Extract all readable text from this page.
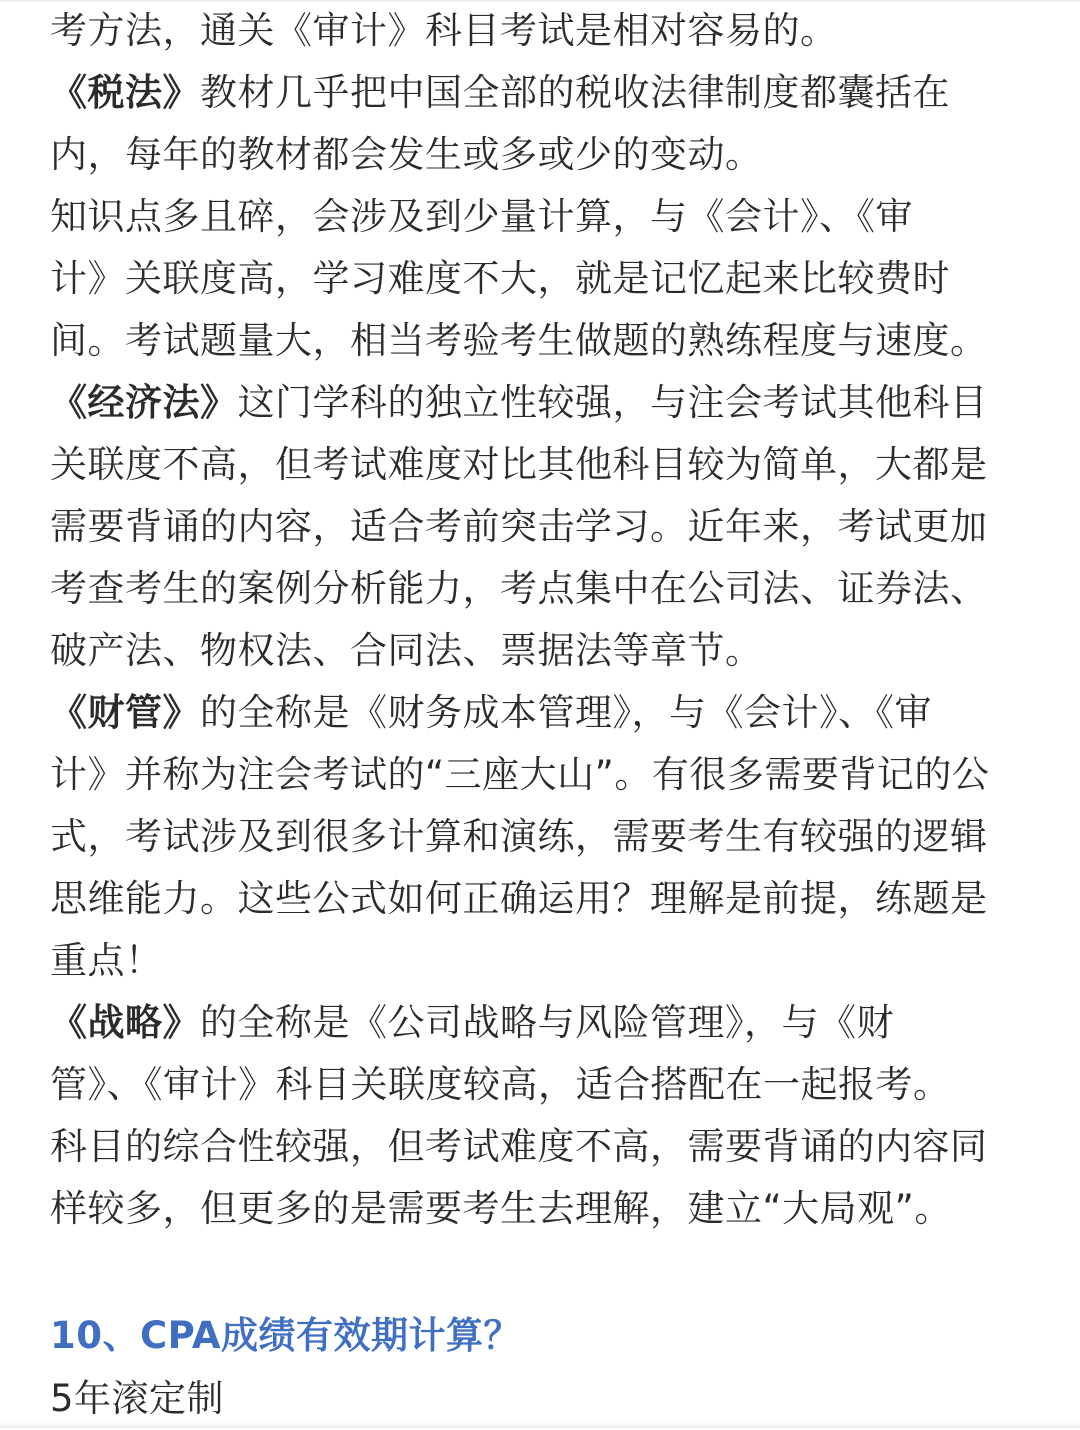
考方法，通关《审计》科目考试是相对容易的。
《税法》教材几乎把中国全部的税收法律制度都囊括在
内，每年的教材都会发生或多或少的变动。
知识点多且碎，会涉及到少量计算，与《会计》、《审
计》关联度高，学习难度不大，就是记忆起来比较费时
间。考试题量大，相当考验考生做题的熟练程度与速度。
《经济法》这门学科的独立性较强，与注会考试其他科目
关联度不高，但考试难度对比其他科目较为简单，大都是
需要背诵的内容，适合考前突击学习。近年来，考试更加
考查考生的案例分析能力，考点集中在公司法、证券法、
破产法、物权法、合同法、票据法等章节。
《财管》的全称是《财务成本管理》，与《会计》、《审
计》并称为注会考试的“三座大山”。有很多需要背记的公
式，考试涉及到很多计算和演练，需要考生有较强的逻辑
思维能力。这些公式如何正确运用？理解是前提，练题是
重点！
《战略》的全称是《公司战略与风险管理》，与《财
管》、《审计》科目关联度较高，适合搭配在一起报考。
科目的综合性较强，但考试难度不高，需要背诵的内容同
样较多，但更多的是需要考生去理解，建立“大局观”。
10、CPA成绩有效期计算？
5年滚定制
